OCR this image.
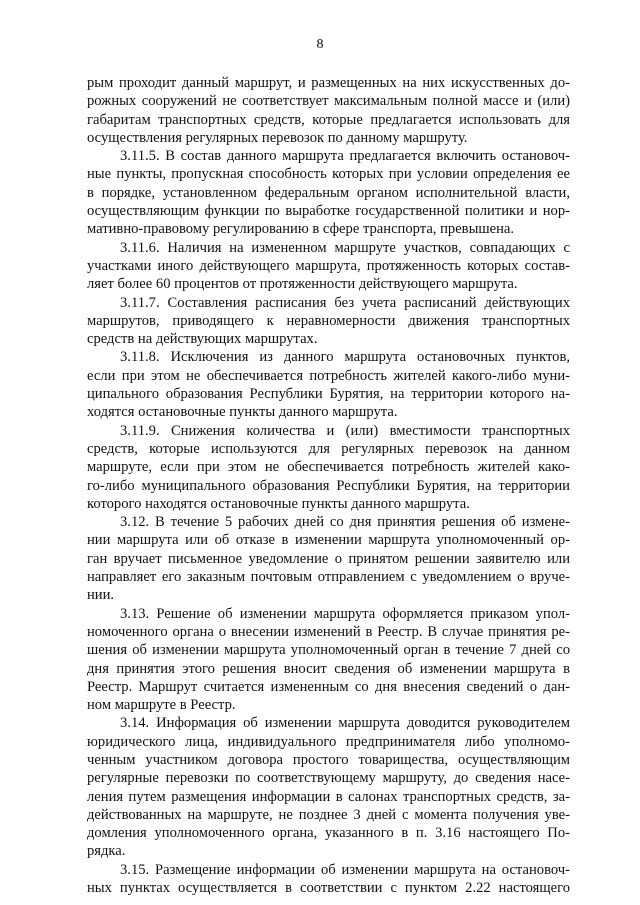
8
рым проходит данный маршрут, и размещенных на них искусственных до-
рожных сооружений не соответствует максимальным полной массе и (или)
габаритам транспортных средств, которые предлагается использовать для
осуществления регулярных перевозок по данному маршруту.
3.11.5. В состав данного маршрута предлагается включить остановоч-
ные пункты, пропускная способность которых при условии определения ее
в порядке, установленном федеральным органом исполнительной власти,
осуществляющим функции по выработке государственной политики и нор-
мативно-правовому регулированию в сфере транспорта, превышена.
3.11.6. Наличия на измененном маршруте участков, совпадающих с
участками иного действующего маршрута, протяженность которых состав-
ляет более 60 процентов от протяженности действующего маршрута.
3.11.7. Составления расписания без учета расписаний действующих
маршрутов, приводящего к неравномерности движения транспортных
средств на действующих маршрутах.
3.11.8. Исключения из данного маршрута остановочных пунктов,
если при этом не обеспечивается потребность жителей какого-либо муни-
ципального образования Республики Бурятия, на территории которого на-
ходятся остановочные пункты данного маршрута.
3.11.9. Снижения количества и (или) вместимости транспортных
средств, которые используются для регулярных перевозок на данном
маршруте, если при этом не обеспечивается потребность жителей како-
го-либо муниципального образования Республики Бурятия, на территории
которого находятся остановочные пункты данного маршрута.
3.12. В течение 5 рабочих дней со дня принятия решения об измене-
нии маршрута или об отказе в изменении маршрута уполномоченный ор-
ган вручает письменное уведомление о принятом решении заявителю или
направляет его заказным почтовым отправлением с уведомлением о вруче-
нии.
3.13. Решение об изменении маршрута оформляется приказом упол-
номоченного органа о внесении изменений в Реестр. В случае принятия ре-
шения об изменении маршрута уполномоченный орган в течение 7 дней со
дня принятия этого решения вносит сведения об изменении маршрута в
Реестр. Маршрут считается измененным со дня внесения сведений о дан-
ном маршруте в Реестр.
3.14. Информация об изменении маршрута доводится руководителем
юридического лица, индивидуального предпринимателя либо уполномо-
ченным участником договора простого товарищества, осуществляющим
регулярные перевозки по соответствующему маршруту, до сведения насе-
ления путем размещения информации в салонах транспортных средств, за-
действованных на маршруте, не позднее 3 дней с момента получения уве-
домления уполномоченного органа, указанного в п. 3.16 настоящего По-
рядка.
3.15. Размещение информации об изменении маршрута на остановоч-
ных пунктах осуществляется в соответствии с пунктом 2.22 настоящего
